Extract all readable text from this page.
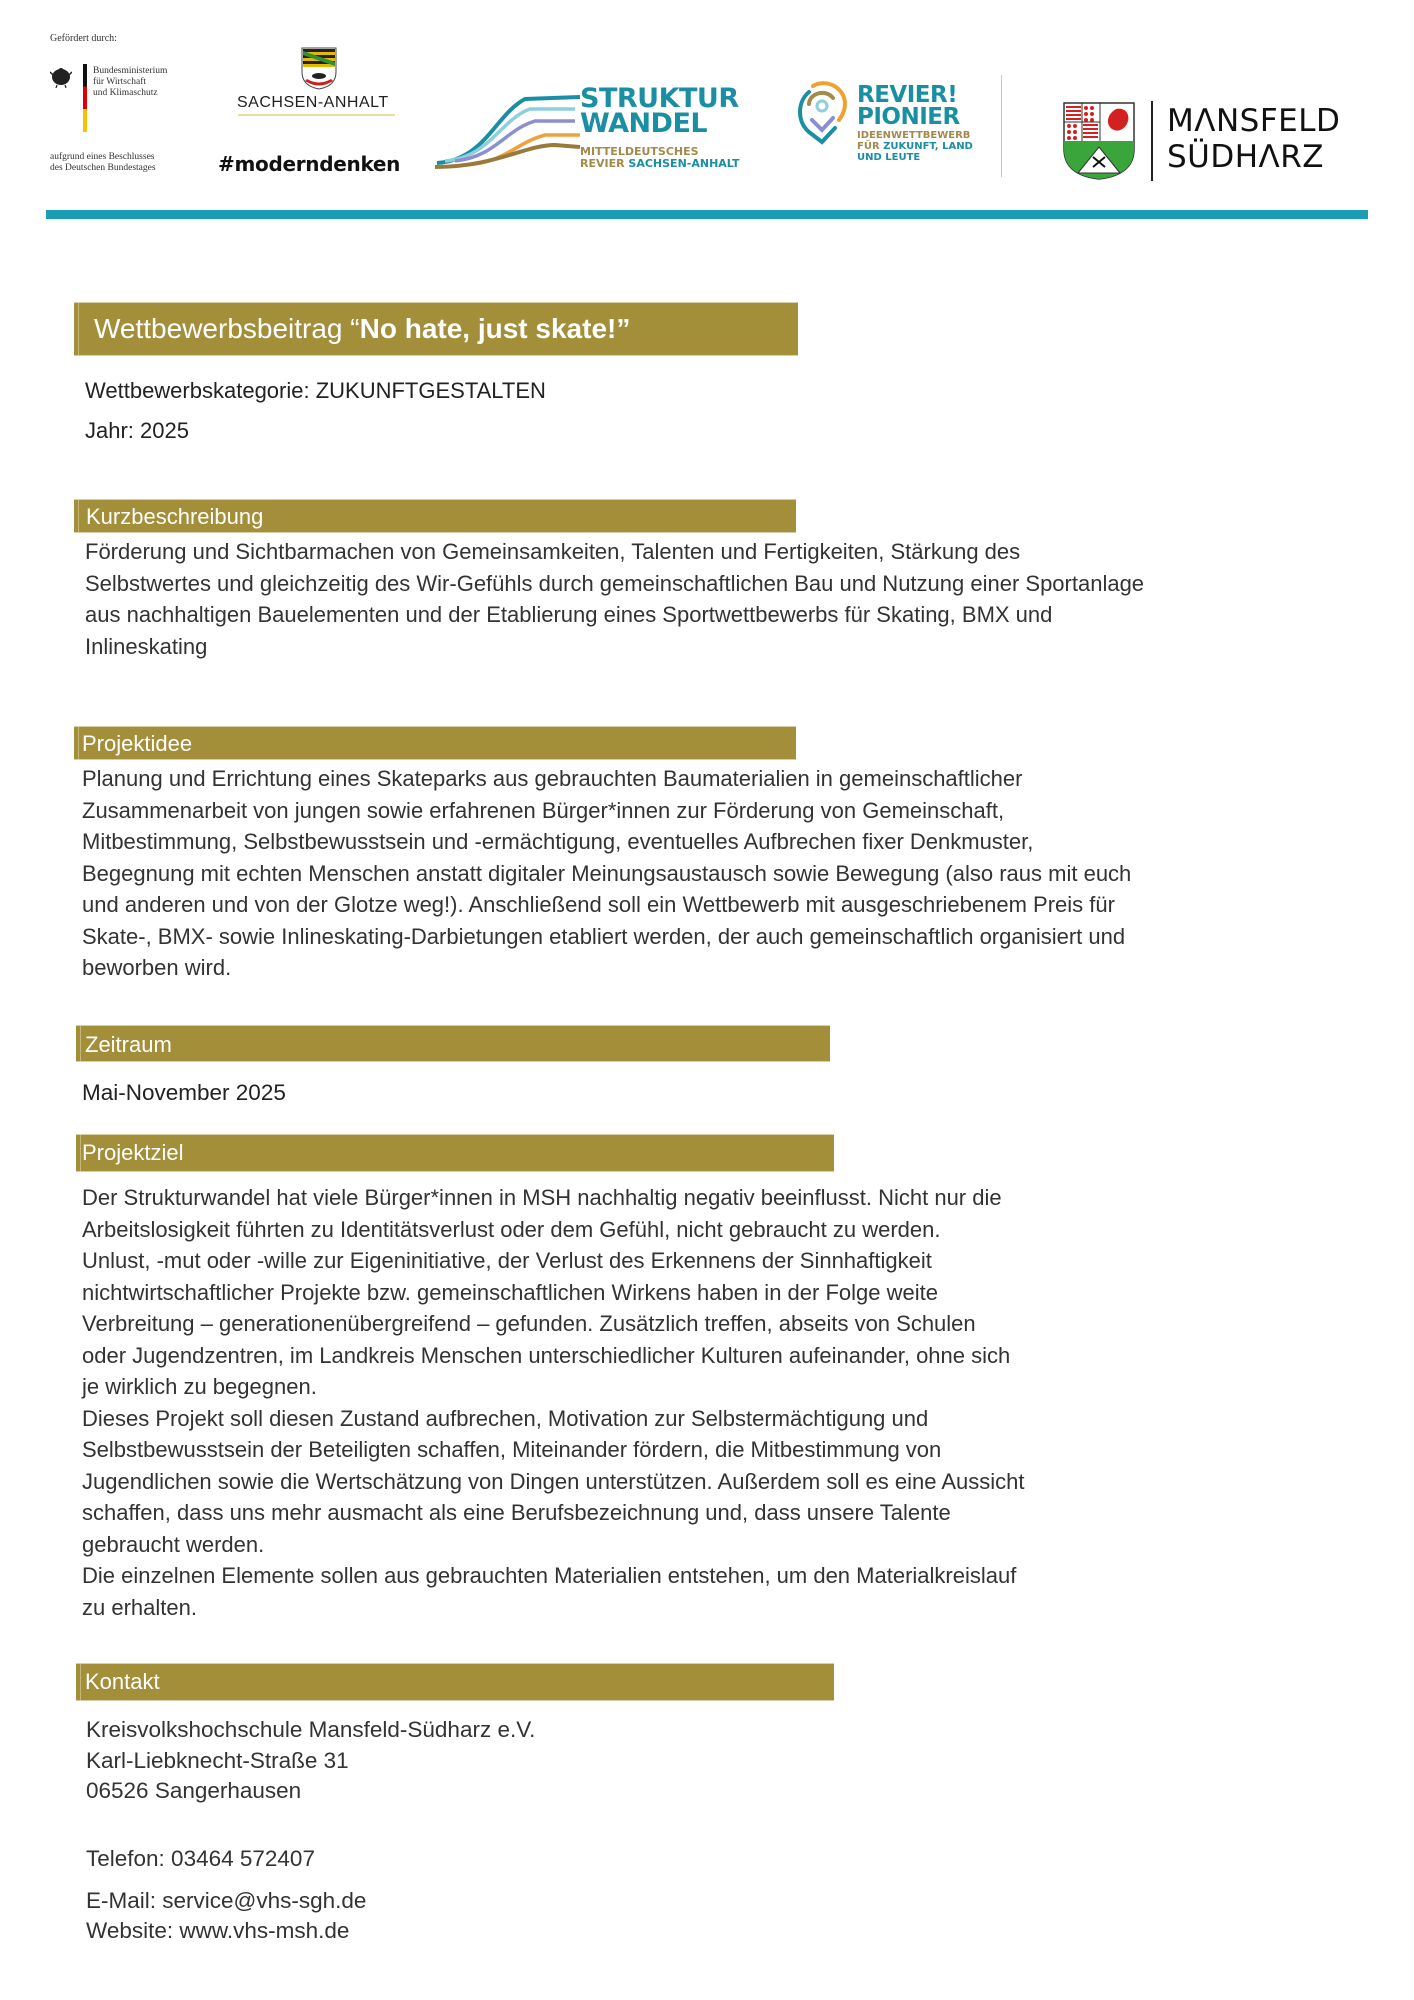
Gefördert durch:
Bundesministerium
für Wirtschaft
und Klimaschutz
aufgrund eines Beschlusses
des Deutschen Bundestages
SACHSEN-ANHALT
#moderndenken
STRUKTUR
WANDEL
MITTELDEUTSCHES
REVIER SACHSEN-ANHALT
REVIER!
PIONIER
IDEENWETTBEWERB
FÜR ZUKUNFT, LAND
UND LEUTE
MΛNSFELD
SÜDHΛRZ
Wettbewerbsbeitrag “No hate, just skate!”
Wettbewerbskategorie: ZUKUNFTGESTALTEN
Jahr: 2025
Kurzbeschreibung
Förderung und Sichtbarmachen von Gemeinsamkeiten, Talenten und Fertigkeiten, Stärkung des
Selbstwertes und gleichzeitig des Wir-Gefühls durch gemeinschaftlichen Bau und Nutzung einer Sportanlage
aus nachhaltigen Bauelementen und der Etablierung eines Sportwettbewerbs für Skating, BMX und
Inlineskating
Projektidee
Planung und Errichtung eines Skateparks aus gebrauchten Baumaterialien in gemeinschaftlicher
Zusammenarbeit von jungen sowie erfahrenen Bürger*innen zur Förderung von Gemeinschaft,
Mitbestimmung, Selbstbewusstsein und -ermächtigung, eventuelles Aufbrechen fixer Denkmuster,
Begegnung mit echten Menschen anstatt digitaler Meinungsaustausch sowie Bewegung (also raus mit euch
und anderen und von der Glotze weg!). Anschließend soll ein Wettbewerb mit ausgeschriebenem Preis für
Skate-, BMX- sowie Inlineskating-Darbietungen etabliert werden, der auch gemeinschaftlich organisiert und
beworben wird.
Zeitraum
Mai-November 2025
Projektziel
Der Strukturwandel hat viele Bürger*innen in MSH nachhaltig negativ beeinflusst. Nicht nur die
Arbeitslosigkeit führten zu Identitätsverlust oder dem Gefühl, nicht gebraucht zu werden.
Unlust, -mut oder -wille zur Eigeninitiative, der Verlust des Erkennens der Sinnhaftigkeit
nichtwirtschaftlicher Projekte bzw. gemeinschaftlichen Wirkens haben in der Folge weite
Verbreitung – generationenübergreifend – gefunden. Zusätzlich treffen, abseits von Schulen
oder Jugendzentren, im Landkreis Menschen unterschiedlicher Kulturen aufeinander, ohne sich
je wirklich zu begegnen.
Dieses Projekt soll diesen Zustand aufbrechen, Motivation zur Selbstermächtigung und
Selbstbewusstsein der Beteiligten schaffen, Miteinander fördern, die Mitbestimmung von
Jugendlichen sowie die Wertschätzung von Dingen unterstützen. Außerdem soll es eine Aussicht
schaffen, dass uns mehr ausmacht als eine Berufsbezeichnung und, dass unsere Talente
gebraucht werden.
Die einzelnen Elemente sollen aus gebrauchten Materialien entstehen, um den Materialkreislauf
zu erhalten.
Kontakt
Kreisvolkshochschule Mansfeld-Südharz e.V.
Karl-Liebknecht-Straße 31
06526 Sangerhausen
Telefon: 03464 572407
E-Mail: service@vhs-sgh.de
Website: www.vhs-msh.de
